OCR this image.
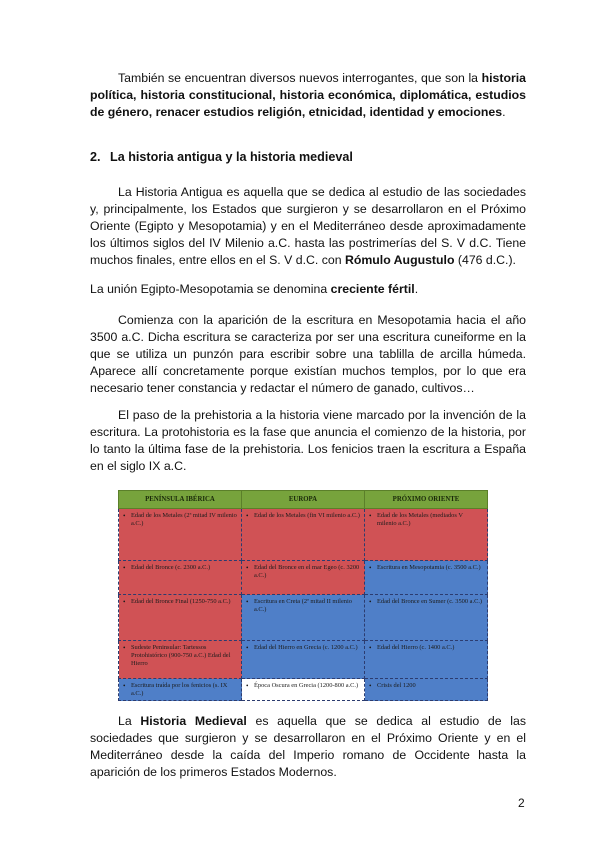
También se encuentran diversos nuevos interrogantes, que son la historia política, historia constitucional, historia económica, diplomática, estudios de género, renacer estudios religión, etnicidad, identidad y emociones.

2. La historia antigua y la historia medieval

La Historia Antigua es aquella que se dedica al estudio de las sociedades y, principalmente, los Estados que surgieron y se desarrollaron en el Próximo Oriente (Egipto y Mesopotamia) y en el Mediterráneo desde aproximadamente los últimos siglos del IV Milenio a.C. hasta las postrimerías del S. V d.C. Tiene muchos finales, entre ellos en el S. V d.C. con Rómulo Augustulo (476 d.C.).

La unión Egipto-Mesopotamia se denomina creciente fértil.

Comienza con la aparición de la escritura en Mesopotamia hacia el año 3500 a.C. Dicha escritura se caracteriza por ser una escritura cuneiforme en la que se utiliza un punzón para escribir sobre una tablilla de arcilla húmeda. Aparece allí concretamente porque existían muchos templos, por lo que era necesario tener constancia y redactar el número de ganado, cultivos…

El paso de la prehistoria a la historia viene marcado por la invención de la escritura. La protohistoria es la fase que anuncia el comienzo de la historia, por lo tanto la última fase de la prehistoria. Los fenicios traen la escritura a España en el siglo IX a.C.

PENÍNSULA IBÉRICA	EUROPA	PRÓXIMO ORIENTE

• Edad de los Metales (2ª mitad IV milenio a.C.)	• Edad de los Metales (fin VI milenio a.C.)	• Edad de los Metales (mediados V milenio a.C.)

• Edad del Bronce (c. 2300 a.C.)	• Edad del Bronce en el mar Egeo (c. 3200 a.C.)	• Escritura en Mesopotamia (c. 3500 a.C.)

• Edad del Bronce Final (1250-750 a.C.)	• Escritura en Creta (2ª mitad II milenio a.C.)	• Edad del Bronce en Sumer (c. 3500 a.C.)

• Sudeste Peninsular: Tartessos Protohistórico (900-750 a.C.) Edad del Hierro	• Edad del Hierro en Grecia (c. 1200 a.C.)	• Edad del Hierro (c. 1400 a.C.)

• Escritura traída por los fenicios (s. IX a.C.)	• Época Oscura en Grecia (1200-800 a.C.)	• Crisis del 1200

La Historia Medieval es aquella que se dedica al estudio de las sociedades que surgieron y se desarrollaron en el Próximo Oriente y en el Mediterráneo desde la caída del Imperio romano de Occidente hasta la aparición de los primeros Estados Modernos.

2
